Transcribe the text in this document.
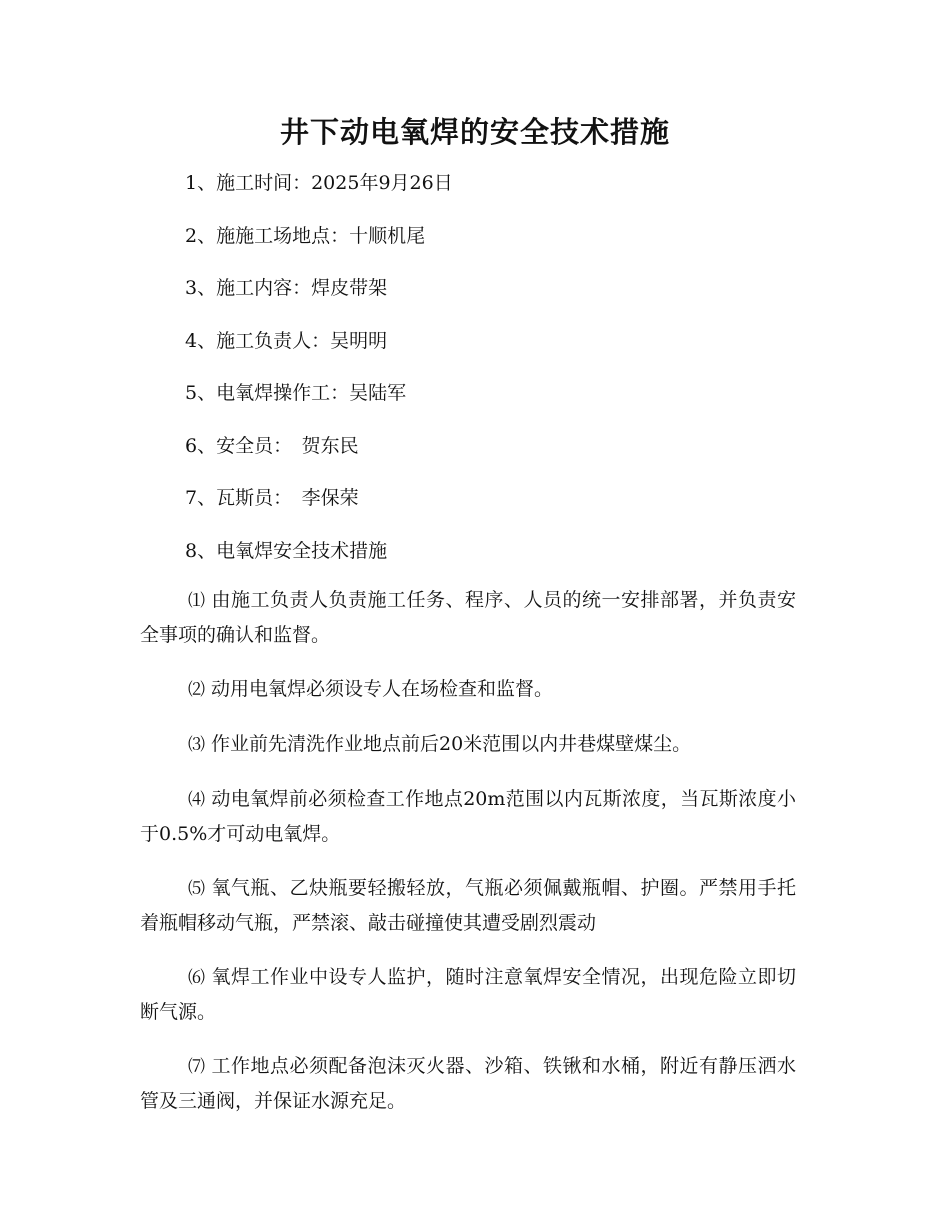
井下动电氧焊的安全技术措施
1、施工时间：2025年9月26日
2、施施工场地点：十顺机尾
3、施工内容：焊皮带架
4、施工负责人：吴明明
5、电氧焊操作工：吴陆军
6、安全员：　贺东民
7、瓦斯员：　李保荣
8、电氧焊安全技术措施

⑴ 由施工负责人负责施工任务、程序、人员的统一安排部署，并负责安全事项的确认和监督。

⑵ 动用电氧焊必须设专人在场检查和监督。

⑶ 作业前先清洗作业地点前后20米范围以内井巷煤壁煤尘。

⑷ 动电氧焊前必须检查工作地点20m范围以内瓦斯浓度，当瓦斯浓度小于0.5%才可动电氧焊。

⑸ 氧气瓶、乙炔瓶要轻搬轻放，气瓶必须佩戴瓶帽、护圈。严禁用手托着瓶帽移动气瓶，严禁滚、敲击碰撞使其遭受剧烈震动

⑹ 氧焊工作业中设专人监护，随时注意氧焊安全情况，出现危险立即切断气源。

⑺ 工作地点必须配备泡沫灭火器、沙箱、铁锹和水桶，附近有静压洒水管及三通阀，并保证水源充足。
